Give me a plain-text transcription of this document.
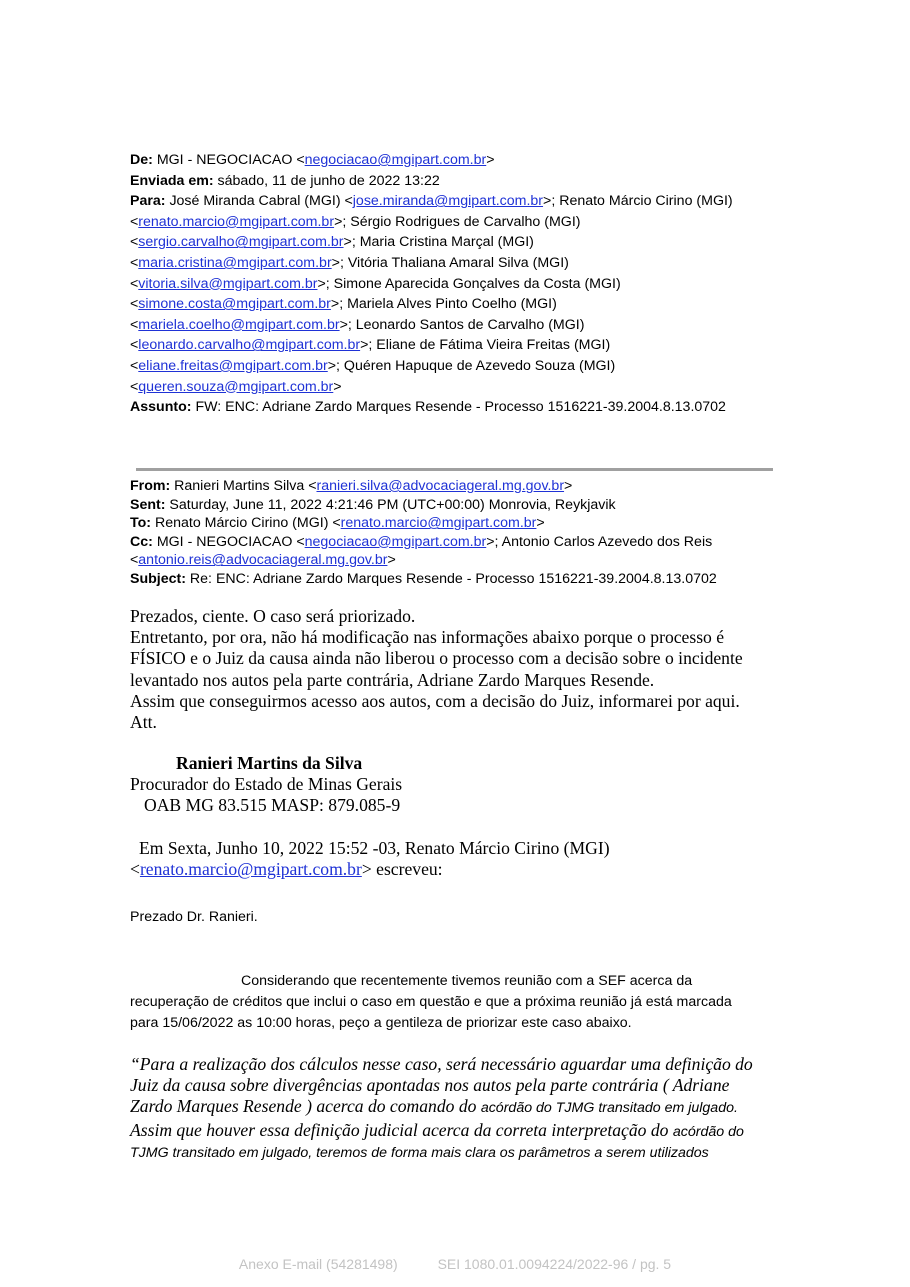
De: MGI - NEGOCIACAO <negociacao@mgipart.com.br>
Enviada em: sábado, 11 de junho de 2022 13:22
Para: José Miranda Cabral (MGI) <jose.miranda@mgipart.com.br>; Renato Márcio Cirino (MGI)
<renato.marcio@mgipart.com.br>; Sérgio Rodrigues de Carvalho (MGI)
<sergio.carvalho@mgipart.com.br>; Maria Cristina Marçal (MGI)
<maria.cristina@mgipart.com.br>; Vitória Thaliana Amaral Silva (MGI)
<vitoria.silva@mgipart.com.br>; Simone Aparecida Gonçalves da Costa (MGI)
<simone.costa@mgipart.com.br>; Mariela Alves Pinto Coelho (MGI)
<mariela.coelho@mgipart.com.br>; Leonardo Santos de Carvalho (MGI)
<leonardo.carvalho@mgipart.com.br>; Eliane de Fátima Vieira Freitas (MGI)
<eliane.freitas@mgipart.com.br>; Quéren Hapuque de Azevedo Souza (MGI)
<queren.souza@mgipart.com.br>
Assunto: FW: ENC: Adriane Zardo Marques Resende - Processo 1516221-39.2004.8.13.0702
From: Ranieri Martins Silva <ranieri.silva@advocaciageral.mg.gov.br>
Sent: Saturday, June 11, 2022 4:21:46 PM (UTC+00:00) Monrovia, Reykjavik
To: Renato Márcio Cirino (MGI) <renato.marcio@mgipart.com.br>
Cc: MGI - NEGOCIACAO <negociacao@mgipart.com.br>; Antonio Carlos Azevedo dos Reis
<antonio.reis@advocaciageral.mg.gov.br>
Subject: Re: ENC: Adriane Zardo Marques Resende - Processo 1516221-39.2004.8.13.0702
Prezados, ciente. O caso será priorizado.
Entretanto, por ora, não há modificação nas informações abaixo porque o processo é
FÍSICO e o Juiz da causa ainda não liberou o processo com a decisão sobre o incidente
levantado nos autos pela parte contrária, Adriane Zardo Marques Resende.
Assim que conseguirmos acesso aos autos, com a decisão do Juiz, informarei por aqui.
Att.
Ranieri Martins da Silva
Procurador do Estado de Minas Gerais
OAB MG 83.515 MASP: 879.085-9
Em Sexta, Junho 10, 2022 15:52 -03, Renato Márcio Cirino (MGI)
<renato.marcio@mgipart.com.br> escreveu:
Prezado Dr. Ranieri.
Considerando que recentemente tivemos reunião com a SEF acerca da
recuperação de créditos que inclui o caso em questão e que a próxima reunião já está marcada
para 15/06/2022 as 10:00 horas, peço a gentileza de priorizar este caso abaixo.
“Para a realização dos cálculos nesse caso, será necessário aguardar uma definição do
Juiz da causa sobre divergências apontadas nos autos pela parte contrária ( Adriane
Zardo Marques Resende ) acerca do comando do acórdão do TJMG transitado em julgado.
Assim que houver essa definição judicial acerca da correta interpretação do acórdão do
TJMG transitado em julgado, teremos de forma mais clara os parâmetros a serem utilizados
Anexo E-mail (54281498)	SEI 1080.01.0094224/2022-96 / pg. 5
